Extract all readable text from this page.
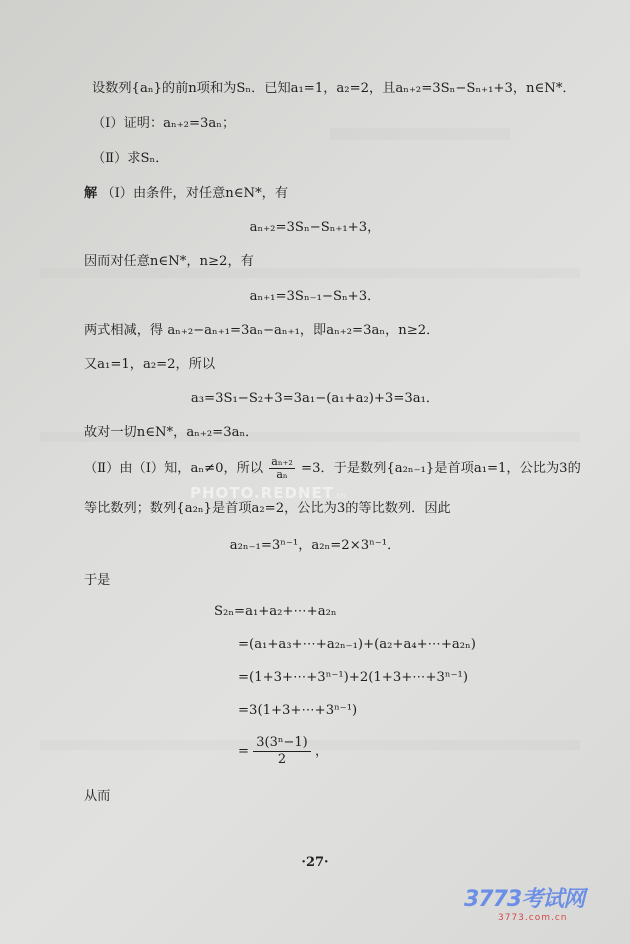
设数列{aₙ}的前n项和为Sₙ．已知a₁=1，a₂=2，且aₙ₊₂=3Sₙ−Sₙ₊₁+3，n∈N*．
（Ⅰ）证明：aₙ₊₂=3aₙ；
（Ⅱ）求Sₙ．
解 （Ⅰ）由条件，对任意n∈N*，有
aₙ₊₂=3Sₙ−Sₙ₊₁+3，
因而对任意n∈N*，n≥2，有
aₙ₊₁=3Sₙ₋₁−Sₙ+3．
两式相减，得 aₙ₊₂−aₙ₊₁=3aₙ−aₙ₊₁，即aₙ₊₂=3aₙ，n≥2．
又a₁=1，a₂=2，所以
a₃=3S₁−S₂+3=3a₁−(a₁+a₂)+3=3a₁．
故对一切n∈N*，aₙ₊₂=3aₙ．
（Ⅱ）由（Ⅰ）知，aₙ≠0，所以 $\frac{\text{aₙ₊₂}}{\text{aₙ}} =3$．于是数列{a₂ₙ₋₁}是首项a₁=1，公比为3的
等比数列；数列{a₂ₙ}是首项a₂=2，公比为3的等比数列．因此
a₂ₙ₋₁=3ⁿ⁻¹，a₂ₙ=2×3ⁿ⁻¹．
于是
S₂ₙ=a₁+a₂+⋯+a₂ₙ
=(a₁+a₃+⋯+a₂ₙ₋₁)+(a₂+a₄+⋯+a₂ₙ)
=(1+3+⋯+3ⁿ⁻¹)+2(1+3+⋯+3ⁿ⁻¹)
=3(1+3+⋯+3ⁿ⁻¹)
= $\frac{\text{3(3ⁿ−1)}}{2}$ ，
从而
·27·
PHOTO.REDNET.cn
3773考试网
3773.com.cn
